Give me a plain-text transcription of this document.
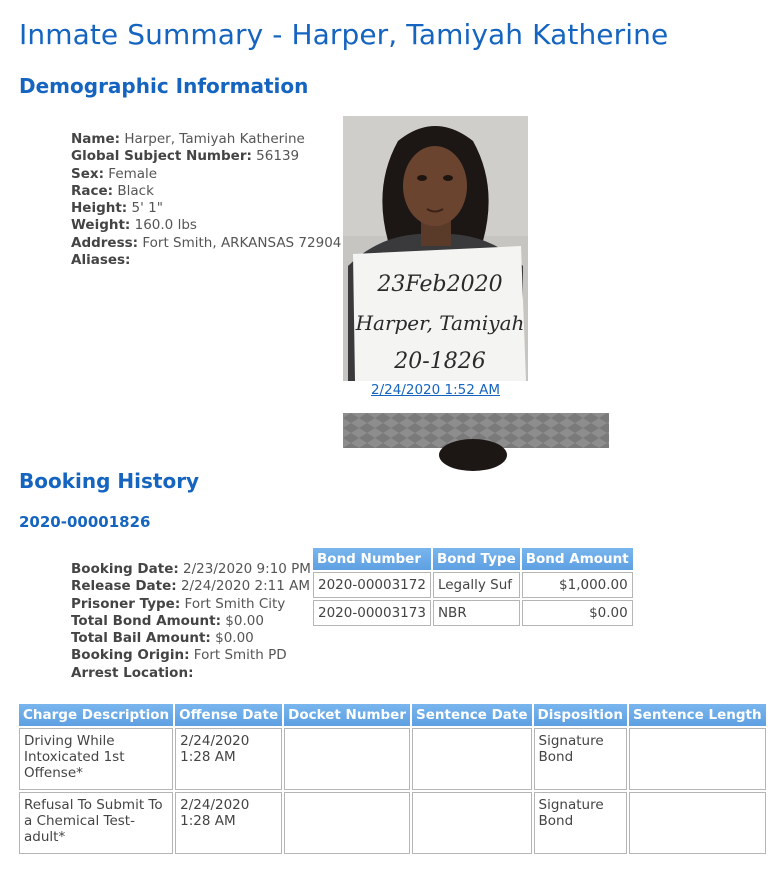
Inmate Summary - Harper, Tamiyah Katherine
Demographic Information
Name: Harper, Tamiyah Katherine
Global Subject Number: 56139
Sex: Female
Race: Black
Height: 5' 1"
Weight: 160.0 lbs
Address: Fort Smith, ARKANSAS 72904
Aliases:
23Feb2020
Harper, Tamiyah
20-1826
2/24/2020 1:52 AM
Booking History
2020-00001826
Booking Date: 2/23/2020 9:10 PM
Release Date: 2/24/2020 2:11 AM
Prisoner Type: Fort Smith City
Total Bond Amount: $0.00
Total Bail Amount: $0.00
Booking Origin: Fort Smith PD
Arrest Location:
Bond Number	Bond Type	Bond Amount
2020-00003172	Legally Suf	$1,000.00
2020-00003173	NBR	$0.00
Charge Description	Offense Date	Docket Number	Sentence Date	Disposition	Sentence Length
Driving While Intoxicated 1st Offense*	2/24/2020 1:28 AM			Signature Bond	
Refusal To Submit To a Chemical Test-adult*	2/24/2020 1:28 AM			Signature Bond	
